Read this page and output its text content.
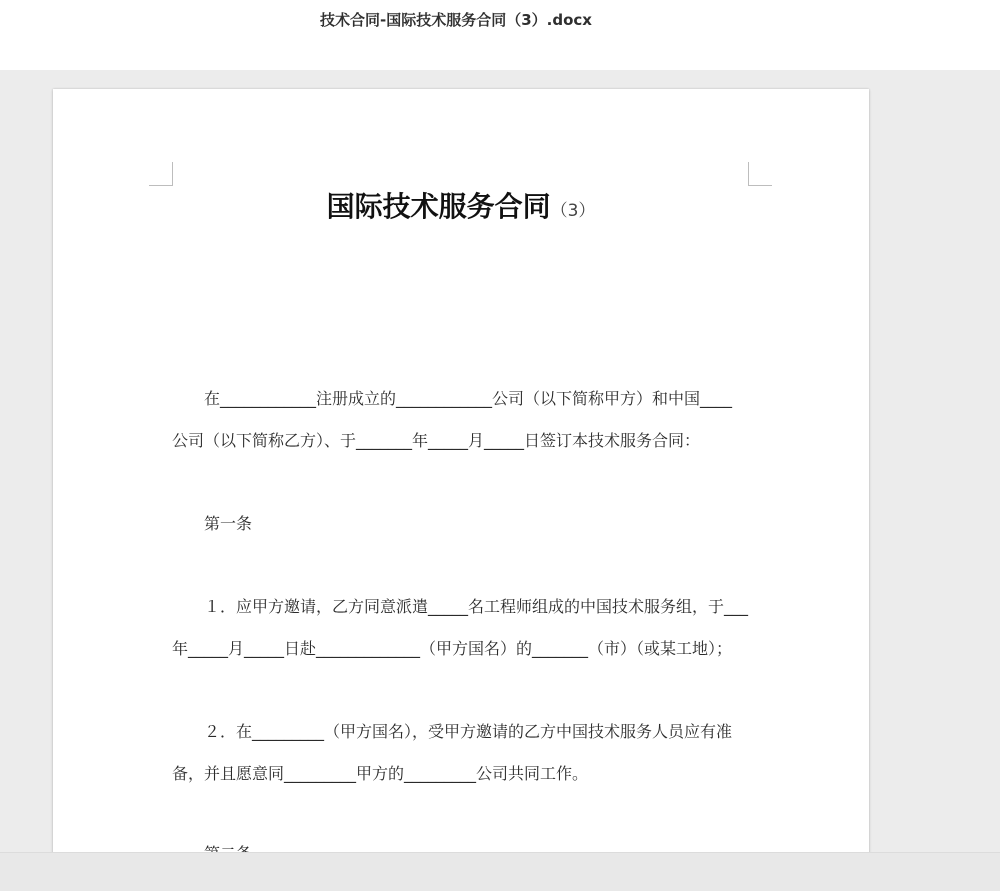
技术合同-国际技术服务合同（3）.docx
国际技术服务合同（3）
在____________注册成立的____________公司（以下简称甲方）和中国____
公司（以下简称乙方）、于_______年_____月_____日签订本技术服务合同：
第一条
１．应甲方邀请，乙方同意派遣_____名工程师组成的中国技术服务组，于___
年_____月_____日赴_____________（甲方国名）的_______（市）（或某工地）；
２．在_________（甲方国名），受甲方邀请的乙方中国技术服务人员应有准
备，并且愿意同_________甲方的_________公司共同工作。
